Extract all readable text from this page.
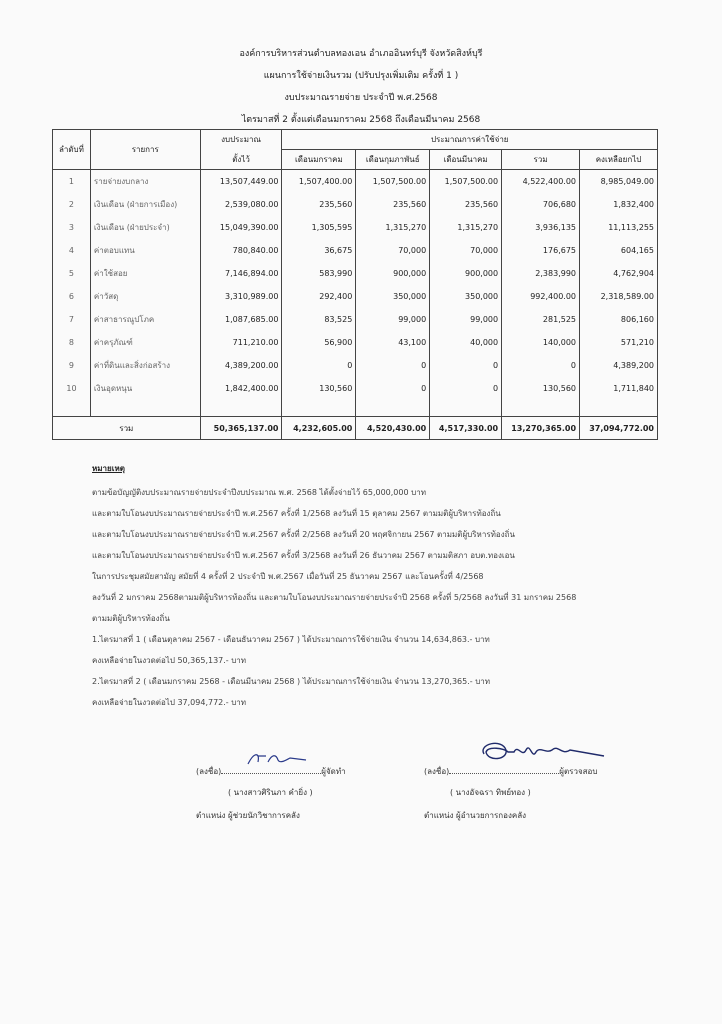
องค์การบริหารส่วนตำบลทองเอน อำเภออินทร์บุรี จังหวัดสิงห์บุรี
แผนการใช้จ่ายเงินรวม (ปรับปรุงเพิ่มเติม ครั้งที่ 1 )
งบประมาณรายจ่าย ประจำปี พ.ศ.2568
ไตรมาสที่ 2 ตั้งแต่เดือนมกราคม 2568 ถึงเดือนมีนาคม 2568
ลำดับที่	รายการ	งบประมาณ	ประมาณการค่าใช้จ่าย				
		ตั้งไว้	เดือนมกราคม	เดือนกุมภาพันธ์	เดือนมีนาคม	รวม	คงเหลือยกไป
1	รายจ่ายงบกลาง	13,507,449.00	1,507,400.00	1,507,500.00	1,507,500.00	4,522,400.00	8,985,049.00
2	เงินเดือน (ฝ่ายการเมือง)	2,539,080.00	235,560	235,560	235,560	706,680	1,832,400
3	เงินเดือน (ฝ่ายประจำ)	15,049,390.00	1,305,595	1,315,270	1,315,270	3,936,135	11,113,255
4	ค่าตอบแทน	780,840.00	36,675	70,000	70,000	176,675	604,165
5	ค่าใช้สอย	7,146,894.00	583,990	900,000	900,000	2,383,990	4,762,904
6	ค่าวัสดุ	3,310,989.00	292,400	350,000	350,000	992,400.00	2,318,589.00
7	ค่าสาธารณูปโภค	1,087,685.00	83,525	99,000	99,000	281,525	806,160
8	ค่าครุภัณฑ์	711,210.00	56,900	43,100	40,000	140,000	571,210
9	ค่าที่ดินและสิ่งก่อสร้าง	4,389,200.00	0	0	0	0	4,389,200
10	เงินอุดหนุน	1,842,400.00	130,560	0	0	130,560	1,711,840

รวม		50,365,137.00	4,232,605.00	4,520,430.00	4,517,330.00	13,270,365.00	37,094,772.00
หมายเหตุ
ตามข้อบัญญัติงบประมาณรายจ่ายประจำปีงบประมาณ พ.ศ. 2568 ได้ตั้งจ่ายไว้ 65,000,000 บาท
และตามใบโอนงบประมาณรายจ่ายประจำปี พ.ศ.2567 ครั้งที่ 1/2568 ลงวันที่ 15 ตุลาคม 2567 ตามมติผู้บริหารท้องถิ่น
และตามใบโอนงบประมาณรายจ่ายประจำปี พ.ศ.2567 ครั้งที่ 2/2568 ลงวันที่ 20 พฤศจิกายน 2567 ตามมติผู้บริหารท้องถิ่น
และตามใบโอนงบประมาณรายจ่ายประจำปี พ.ศ.2567 ครั้งที่ 3/2568 ลงวันที่ 26 ธันวาคม 2567 ตามมติสภา อบต.ทองเอน
ในการประชุมสมัยสามัญ สมัยที่ 4 ครั้งที่ 2 ประจำปี พ.ศ.2567 เมื่อวันที่ 25 ธันวาคม 2567 และโอนครั้งที่ 4/2568
ลงวันที่ 2 มกราคม 2568ตามมติผู้บริหารท้องถิ่น และตามใบโอนงบประมาณรายจ่ายประจำปี 2568 ครั้งที่ 5/2568 ลงวันที่ 31 มกราคม 2568
ตามมติผู้บริหารท้องถิ่น
1.ไตรมาสที่ 1 ( เดือนตุลาคม 2567 - เดือนธันวาคม 2567 ) ได้ประมาณการใช้จ่ายเงิน จำนวน 14,634,863.- บาท
คงเหลือจ่ายในงวดต่อไป 50,365,137.- บาท
2.ไตรมาสที่ 2 ( เดือนมกราคม 2568 - เดือนมีนาคม 2568 ) ได้ประมาณการใช้จ่ายเงิน จำนวน 13,270,365.- บาท
คงเหลือจ่ายในงวดต่อไป 37,094,772.- บาท
(ลงชื่อ)	ผู้จัดทำ
( นางสาวศิรินภา คำยิ่ง )
ตำแหน่ง ผู้ช่วยนักวิชาการคลัง
(ลงชื่อ)	ผู้ตรวจสอบ
( นางอัจฉรา ทิพย์ทอง )
ตำแหน่ง ผู้อำนวยการกองคลัง
